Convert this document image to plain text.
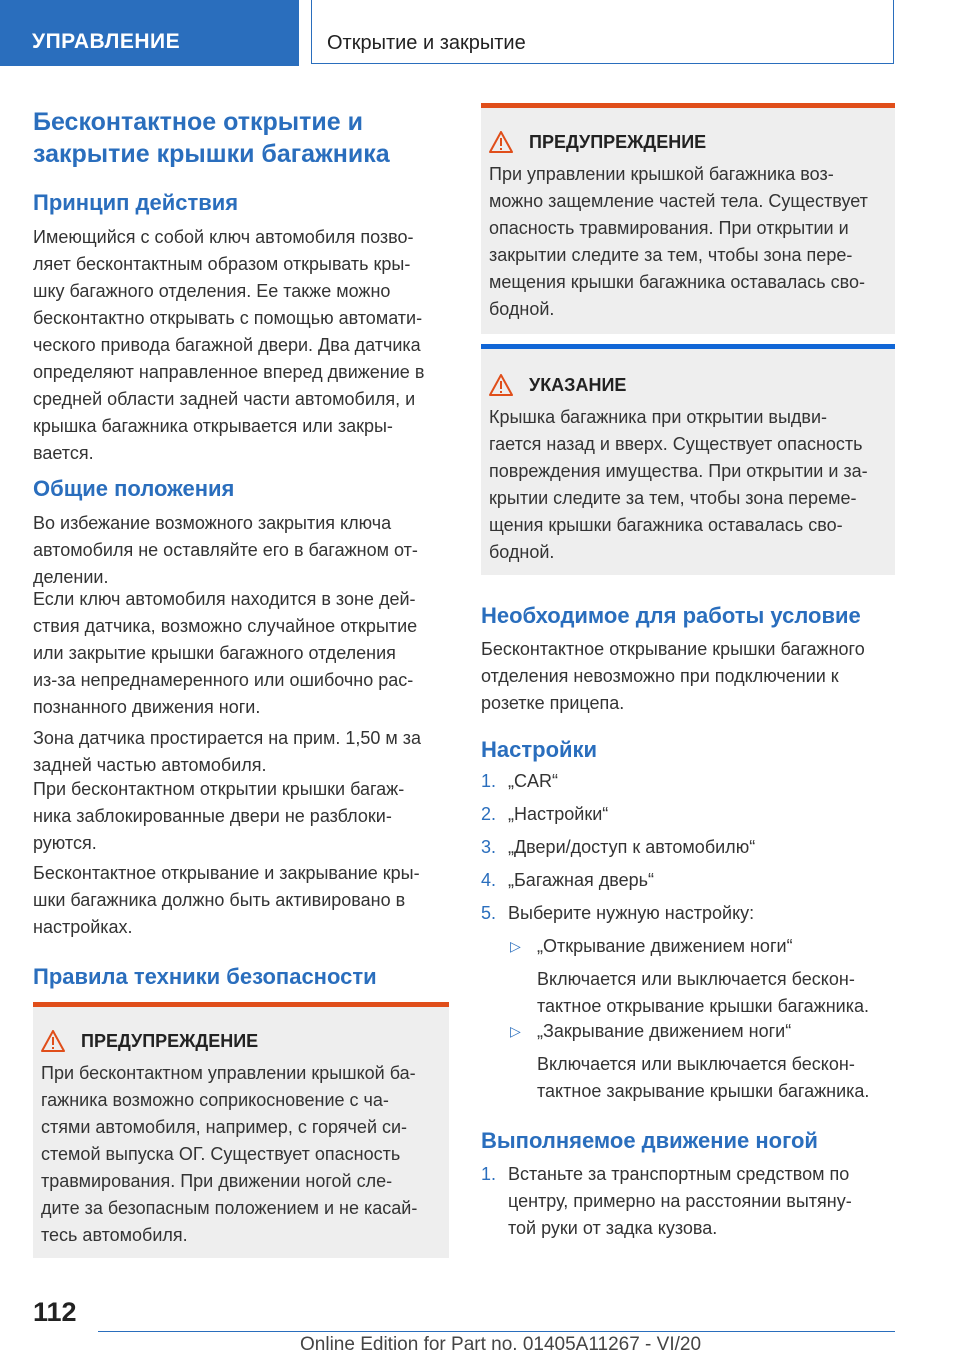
УПРАВЛЕНИЕ	Открытие и закрытие
Бесконтактное открытие и
закрытие крышки багажника
Принцип действия
Имеющийся с собой ключ автомобиля позво-
ляет бесконтактным образом открывать кры-
шку багажного отделения. Ее также можно
бесконтактно открывать с помощью автомати-
ческого привода багажной двери. Два датчика
определяют направленное вперед движение в
средней области задней части автомобиля, и
крышка багажника открывается или закры-
вается.
Общие положения
Во избежание возможного закрытия ключа
автомобиля не оставляйте его в багажном от-
делении.
Если ключ автомобиля находится в зоне дей-
ствия датчика, возможно случайное открытие
или закрытие крышки багажного отделения
из-за непреднамеренного или ошибочно рас-
познанного движения ноги.
Зона датчика простирается на прим. 1,50 м за
задней частью автомобиля.
При бесконтактном открытии крышки багаж-
ника заблокированные двери не разблоки-
руются.
Бесконтактное открывание и закрывание кры-
шки багажника должно быть активировано в
настройках.
Правила техники безопасности
ПРЕДУПРЕЖДЕНИЕ
При бесконтактном управлении крышкой ба-
гажника возможно соприкосновение с ча-
стями автомобиля, например, с горячей си-
стемой выпуска ОГ. Существует опасность
травмирования. При движении ногой сле-
дите за безопасным положением и не касай-
тесь автомобиля.
ПРЕДУПРЕЖДЕНИЕ
При управлении крышкой багажника воз-
можно защемление частей тела. Существует
опасность травмирования. При открытии и
закрытии следите за тем, чтобы зона пере-
мещения крышки багажника оставалась сво-
бодной.
УКАЗАНИЕ
Крышка багажника при открытии выдви-
гается назад и вверх. Существует опасность
повреждения имущества. При открытии и за-
крытии следите за тем, чтобы зона переме-
щения крышки багажника оставалась сво-
бодной.
Необходимое для работы условие
Бесконтактное открывание крышки багажного
отделения невозможно при подключении к
розетке прицепа.
Настройки
1. „CAR“
2. „Настройки“
3. „Двери/доступ к автомобилю“
4. „Багажная дверь“
5. Выберите нужную настройку:
▷ „Открывание движением ноги“
Включается или выключается бескон-
тактное открывание крышки багажника.
▷ „Закрывание движением ноги“
Включается или выключается бескон-
тактное закрывание крышки багажника.
Выполняемое движение ногой
1. Встаньте за транспортным средством по
центру, примерно на расстоянии вытяну-
той руки от задка кузова.
112
Online Edition for Part no. 01405A11267 - VI/20
